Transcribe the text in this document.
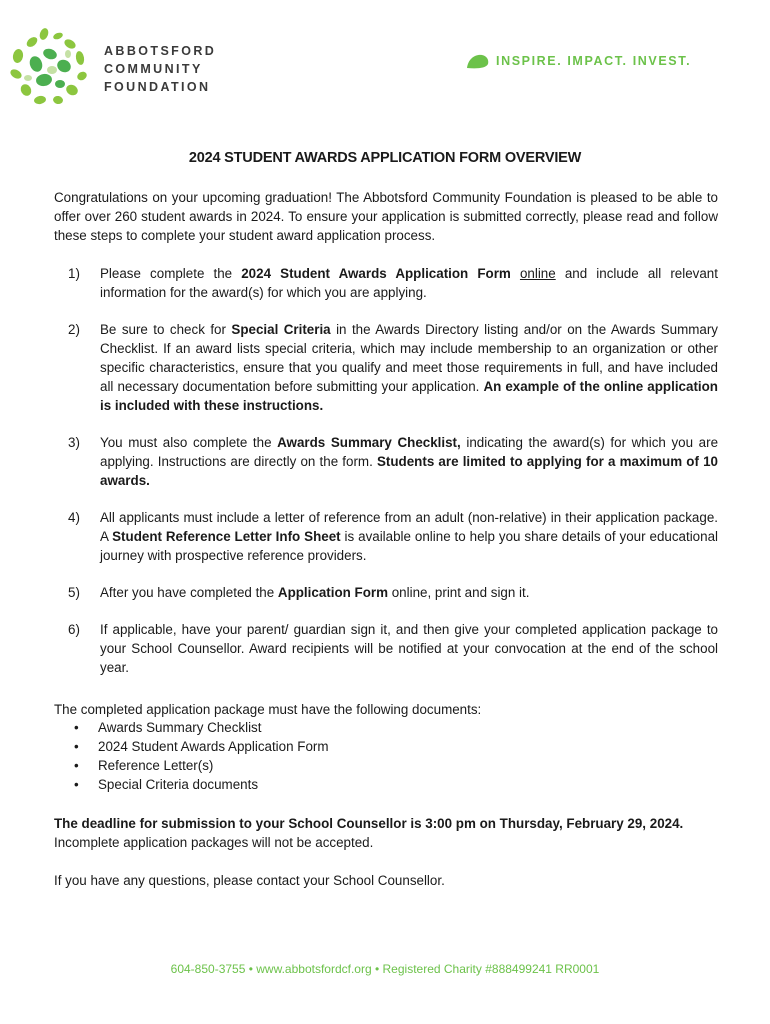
ABBOTSFORD
COMMUNITY
FOUNDATION
INSPIRE. IMPACT. INVEST.
2024 STUDENT AWARDS APPLICATION FORM OVERVIEW
Congratulations on your upcoming graduation! The Abbotsford Community Foundation is pleased to be able to offer over 260 student awards in 2024. To ensure your application is submitted correctly, please read and follow these steps to complete your student award application process.
1) Please complete the 2024 Student Awards Application Form online and include all relevant information for the award(s) for which you are applying.
2) Be sure to check for Special Criteria in the Awards Directory listing and/or on the Awards Summary Checklist. If an award lists special criteria, which may include membership to an organization or other specific characteristics, ensure that you qualify and meet those requirements in full, and have included all necessary documentation before submitting your application. An example of the online application is included with these instructions.
3) You must also complete the Awards Summary Checklist, indicating the award(s) for which you are applying. Instructions are directly on the form. Students are limited to applying for a maximum of 10 awards.
4) All applicants must include a letter of reference from an adult (non-relative) in their application package. A Student Reference Letter Info Sheet is available online to help you share details of your educational journey with prospective reference providers.
5) After you have completed the Application Form online, print and sign it.
6) If applicable, have your parent/ guardian sign it, and then give your completed application package to your School Counsellor. Award recipients will be notified at your convocation at the end of the school year.
The completed application package must have the following documents:
• Awards Summary Checklist
• 2024 Student Awards Application Form
• Reference Letter(s)
• Special Criteria documents
The deadline for submission to your School Counsellor is 3:00 pm on Thursday, February 29, 2024.
Incomplete application packages will not be accepted.
If you have any questions, please contact your School Counsellor.
604-850-3755 • www.abbotsfordcf.org • Registered Charity #888499241 RR0001
